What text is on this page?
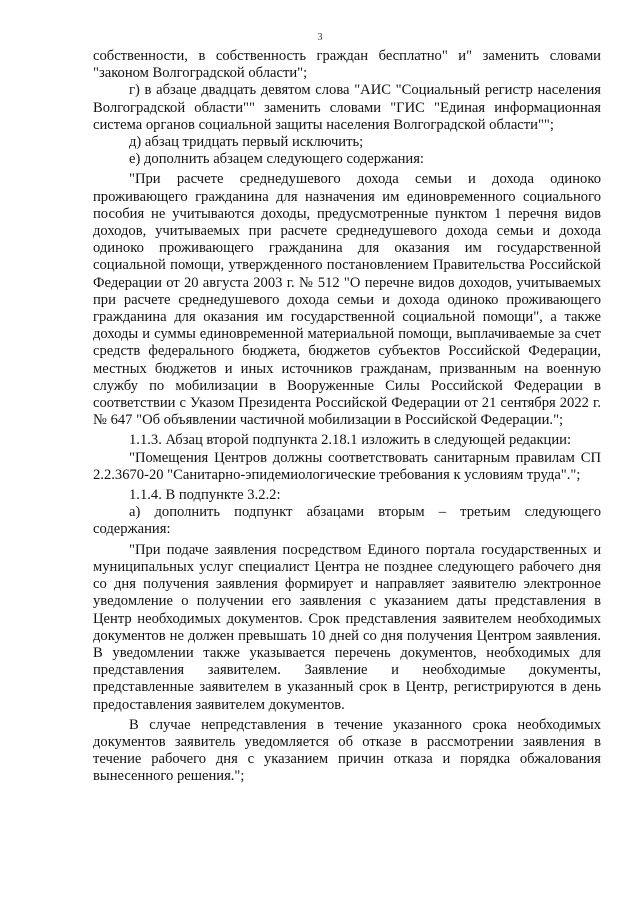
3

собственности, в собственность граждан бесплатно" и" заменить словами "законом Волгоградской области";

г) в абзаце двадцать девятом слова "АИС "Социальный регистр населения Волгоградской области"" заменить словами "ГИС "Единая информационная система органов социальной защиты населения Волгоградской области"";

д) абзац тридцать первый исключить;

е) дополнить абзацем следующего содержания:

"При расчете среднедушевого дохода семьи и дохода одиноко проживающего гражданина для назначения им единовременного социального пособия не учитываются доходы, предусмотренные пунктом 1 перечня видов доходов, учитываемых при расчете среднедушевого дохода семьи и дохода одиноко проживающего гражданина для оказания им государственной социальной помощи, утвержденного постановлением Правительства Российской Федерации от 20 августа 2003 г. № 512 "О перечне видов доходов, учитываемых при расчете среднедушевого дохода семьи и дохода одиноко проживающего гражданина для оказания им государственной социальной помощи", а также доходы и суммы единовременной материальной помощи, выплачиваемые за счет средств федерального бюджета, бюджетов субъектов Российской Федерации, местных бюджетов и иных источников гражданам, призванным на военную службу по мобилизации в Вооруженные Силы Российской Федерации в соответствии с Указом Президента Российской Федерации от 21 сентября 2022 г. № 647 "Об объявлении частичной мобилизации в Российской Федерации.";

1.1.3. Абзац второй подпункта 2.18.1 изложить в следующей редакции:

"Помещения Центров должны соответствовать санитарным правилам СП 2.2.3670-20 "Санитарно-эпидемиологические требования к условиям труда".";

1.1.4. В подпункте 3.2.2:

а) дополнить подпункт абзацами вторым – третьим следующего содержания:

"При подаче заявления посредством Единого портала государственных и муниципальных услуг специалист Центра не позднее следующего рабочего дня со дня получения заявления формирует и направляет заявителю электронное уведомление о получении его заявления с указанием даты представления в Центр необходимых документов. Срок представления заявителем необходимых документов не должен превышать 10 дней со дня получения Центром заявления. В уведомлении также указывается перечень документов, необходимых для представления заявителем. Заявление и необходимые документы, представленные заявителем в указанный срок в Центр, регистрируются в день предоставления заявителем документов.

В случае непредставления в течение указанного срока необходимых документов заявитель уведомляется об отказе в рассмотрении заявления в течение рабочего дня с указанием причин отказа и порядка обжалования вынесенного решения.";
